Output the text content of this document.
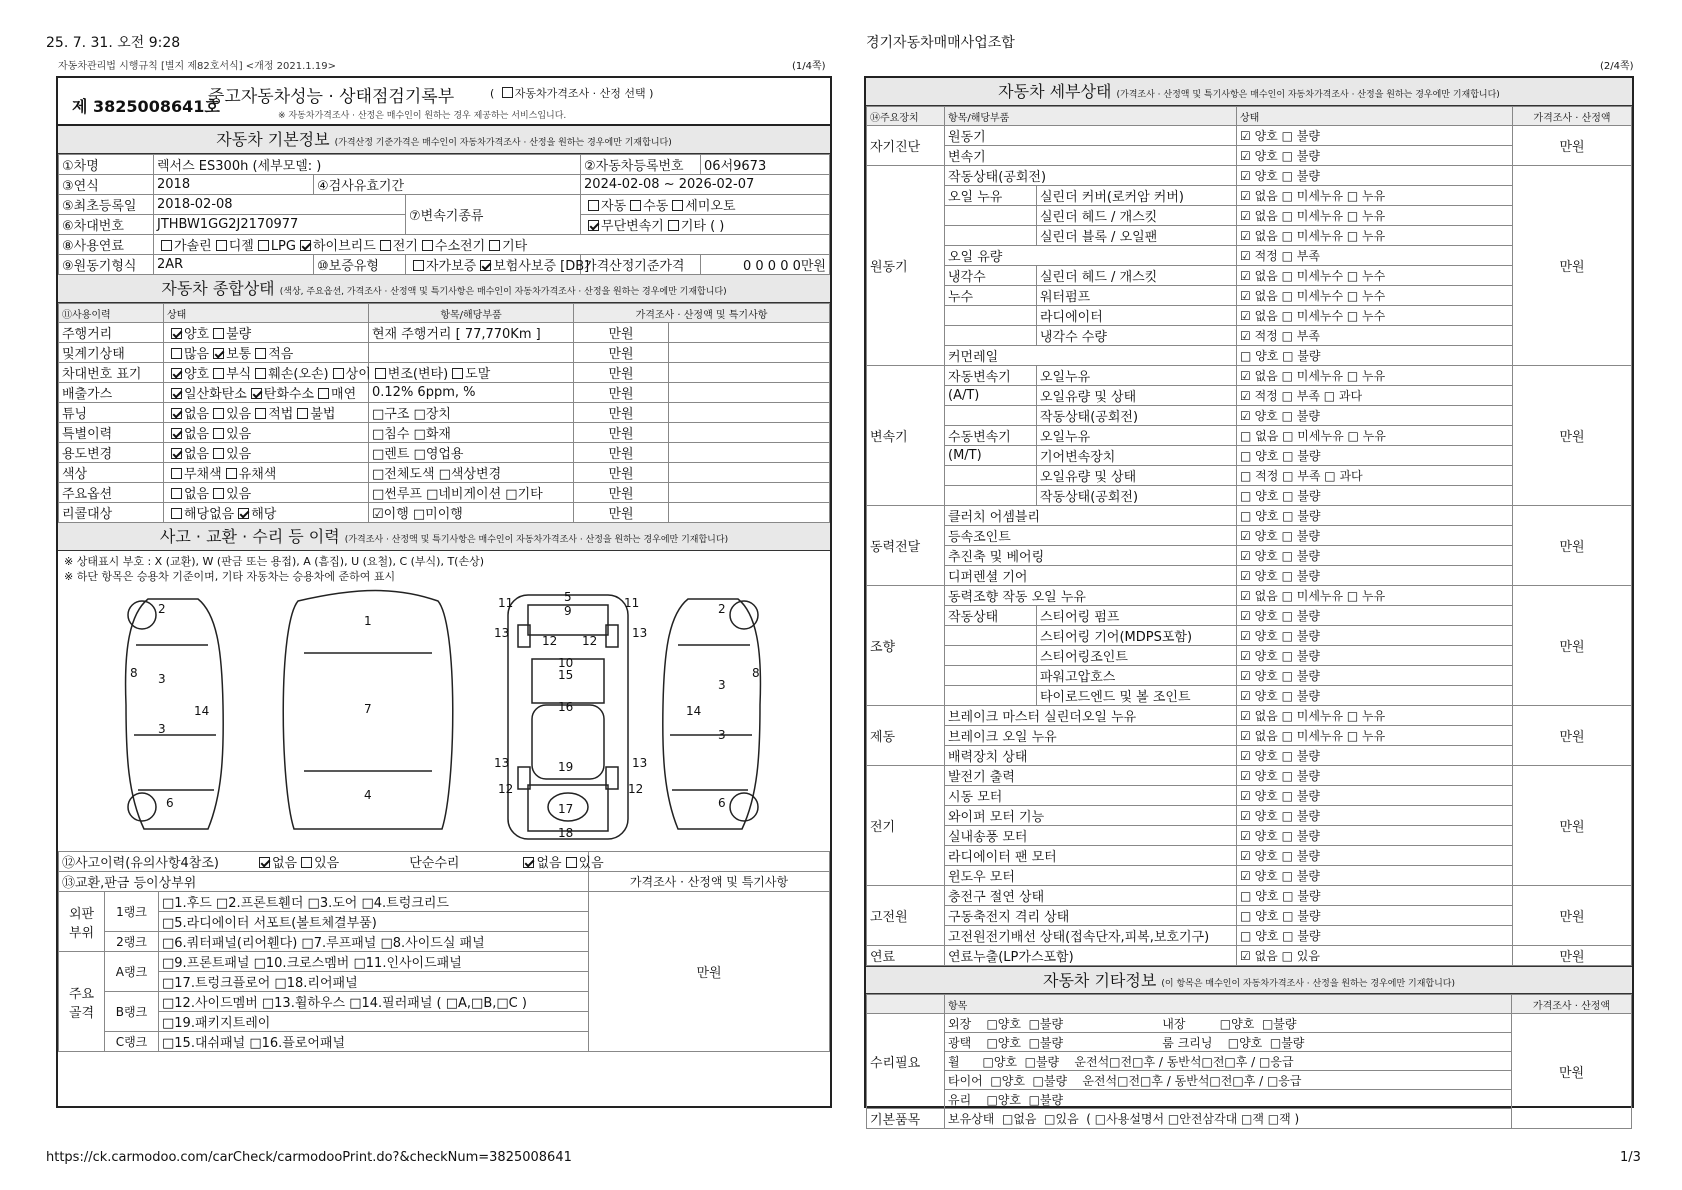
25. 7. 31. 오전 9:28	경기자동차매매사업조합
자동차관리법 시행규칙 [별지 제82호서식] <개정 2021.1.19>	(1/4쪽)	(2/4쪽)
제 3825008641호
중고자동차성능 · 상태점검기록부	( 자동차가격조사 · 산정 선택 )
※ 자동차가격조사 · 산정은 매수인이 원하는 경우 제공하는 서비스입니다.
자동차 기본정보 (가격산정 기준가격은 매수인이 자동차가격조사 · 산정을 원하는 경우에만 기재합니다)
①차명	렉서스 ES300h (세부모델: )			②자동차등록번호	06서9673
③연식	2018	④검사유효기간		2024-02-08 ~ 2026-02-07	
⑤최초등록일	2018-02-08		⑦변속기종류	자동 수동 세미오토	
⑥차대번호	JTHBW1GG2J2170977			무단변속기 기타 ( )	
⑧사용연료	가솔린 디젤 LPG 하이브리드 전기 수소전기 기타				
⑨원동기형식	2AR	⑩보증유형	자가보증 보험사보증 [DB]	가격산정기준가격	0 0 0 0 0만원
자동차 종합상태 (색상, 주요옵션, 가격조사 · 산정액 및 특기사항은 매수인이 자동차가격조사 · 산정을 원하는 경우에만 기재합니다)
⑪사용이력	상태	항목/해당부품	가격조사 · 산정액 및 특기사항	
주행거리	양호 불량	현재 주행거리 [ 77,770Km ]	만원	
및계기상태	많음 보통 적음		만원	
차대번호 표기	양호 부식 훼손(오손) 상이 변조(변타) 도말		만원	
배출가스	일산화탄소 탄화수소 매연	0.12% 6ppm, %	만원	
튜닝	없음 있음 적법 불법	□구조 □장치	만원	
특별이력	없음 있음	□침수 □화재	만원	
용도변경	없음 있음	□렌트 □영업용	만원	
색상	무채색 유채색	□전체도색 □색상변경	만원	
주요옵션	없음 있음	□썬루프 □네비게이션 □기타	만원	
리콜대상	해당없음 해당	☑이행 □미이행	만원	
사고 · 교환 · 수리 등 이력 (가격조사 · 산정액 및 특기사항은 매수인이 자동차가격조사 · 산정을 원하는 경우에만 기재합니다)
※ 상태표시 부호 : X (교환), W (판금 또는 용접), A (흠집), U (요철), C (부식), T(손상)
※ 하단 항목은 승용차 기준이며, 기타 자동차는 승용차에 준하여 표시
2
3
3
6
14
8
1
7
4
5
9
11	11
13	13
12 12
10
15
16
13	13
12	12
19
17
18
2
3
3
6
14
8
⑫사고이력(유의사항4참조) 없음 있음 단순수리 없음 있음			
⑬교환,판금 등이상부위			가격조사 · 산정액 및 특기사항
외판
부위	1랭크	□1.후드 □2.프론트휀더 □3.도어 □4.트렁크리드	만원
		□5.라디에이터 서포트(볼트체결부품)	
	2랭크	□6.쿼터패널(리어휀다) □7.루프패널 □8.사이드실 패널	
주요
골격	A랭크	□9.프론트패널 □10.크로스멤버 □11.인사이드패널	
		□17.트렁크플로어 □18.리어패널	
	B랭크	□12.사이드멤버 □13.휠하우스 □14.필러패널 ( □A,□B,□C )	
		□19.패키지트레이	
	C랭크	□15.대쉬패널 □16.플로어패널	
자동차 세부상태 (가격조사 · 산정액 및 특기사항은 매수인이 자동차가격조사 · 산정을 원하는 경우에만 기재합니다)
⑭주요장치	항목/해당부품		상태	가격조사 · 산정액
자기진단	원동기		☑ 양호 □ 불량	만원
	변속기		☑ 양호 □ 불량	
원동기	작동상태(공회전)		☑ 양호 □ 불량	만원
	오일 누유	실린더 커버(로커암 커버)	☑ 없음 □ 미세누유 □ 누유	
		실린더 헤드 / 개스킷	☑ 없음 □ 미세누유 □ 누유	
		실린더 블록 / 오일팬	☑ 없음 □ 미세누유 □ 누유	
	오일 유량		☑ 적정 □ 부족	
	냉각수	실린더 헤드 / 개스킷	☑ 없음 □ 미세누수 □ 누수	
	누수	워터펌프	☑ 없음 □ 미세누수 □ 누수	
		라디에이터	☑ 없음 □ 미세누수 □ 누수	
		냉각수 수량	☑ 적정 □ 부족	
	커먼레일		□ 양호 □ 불량	
변속기	자동변속기	오일누유	☑ 없음 □ 미세누유 □ 누유	만원
	(A/T)	오일유량 및 상태	☑ 적정 □ 부족 □ 과다	
		작동상태(공회전)	☑ 양호 □ 불량	
	수동변속기	오일누유	□ 없음 □ 미세누유 □ 누유	
	(M/T)	기어변속장치	□ 양호 □ 불량	
		오일유량 및 상태	□ 적정 □ 부족 □ 과다	
		작동상태(공회전)	□ 양호 □ 불량	
동력전달	클러치 어셈블리		□ 양호 □ 불량	만원
	등속조인트		☑ 양호 □ 불량	
	추진축 및 베어링		☑ 양호 □ 불량	
	디퍼렌셜 기어		☑ 양호 □ 불량	
조향	동력조향 작동 오일 누유		☑ 없음 □ 미세누유 □ 누유	만원
	작동상태	스티어링 펌프	☑ 양호 □ 불량	
		스티어링 기어(MDPS포함)	☑ 양호 □ 불량	
		스티어링조인트	☑ 양호 □ 불량	
		파워고압호스	☑ 양호 □ 불량	
		타이로드엔드 및 볼 조인트	☑ 양호 □ 불량	
제동	브레이크 마스터 실린더오일 누유		☑ 없음 □ 미세누유 □ 누유	만원
	브레이크 오일 누유		☑ 없음 □ 미세누유 □ 누유	
	배력장치 상태		☑ 양호 □ 불량	
전기	발전기 출력		☑ 양호 □ 불량	만원
	시동 모터		☑ 양호 □ 불량	
	와이퍼 모터 기능		☑ 양호 □ 불량	
	실내송풍 모터		☑ 양호 □ 불량	
	라디에이터 팬 모터		☑ 양호 □ 불량	
	윈도우 모터		☑ 양호 □ 불량	
고전원	충전구 절연 상태		□ 양호 □ 불량	만원
	구동축전지 격리 상태		□ 양호 □ 불량	
	고전원전기배선 상태(접속단자,피복,보호기구)		□ 양호 □ 불량	
연료	연료누출(LP가스포함)		☑ 없음 □ 있음	만원
자동차 기타정보 (이 항목은 매수인이 자동차가격조사 · 산정을 원하는 경우에만 기재합니다)
	항목	가격조사 · 산정액
수리필요	외장    □양호  □불량                          내장         □양호  □불량	만원
	광택    □양호  □불량                          룸 크리닝    □양호  □불량	
	휠      □양호  □불량    운전석□전□후 / 동반석□전□후 / □응급	
	타이어  □양호  □불량    운전석□전□후 / 동반석□전□후 / □응급	
	유리    □양호  □불량	
기본품목	보유상태  □없음  □있음  ( □사용설명서 □안전삼각대 □잭 □잭 )	
https://ck.carmodoo.com/carCheck/carmodooPrint.do?&checkNum=3825008641	1/3
